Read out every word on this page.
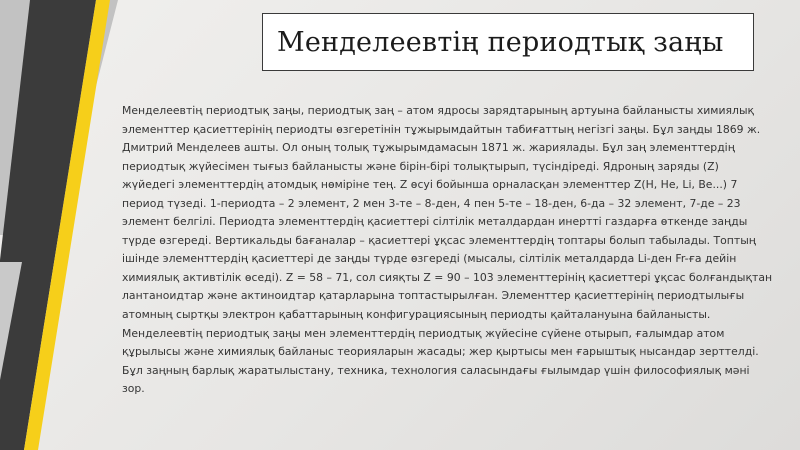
Менделеевтің периодтық заңы
Менделеевтің периодтық заңы, периодтық заң – атом ядросы зарядтарының артуына байланысты химиялық элементтер қасиеттерінің периодты өзгеретінін тұжырымдайтын табиғаттың негізгі заңы. Бұл заңды 1869 ж. Дмитрий Менделеев ашты. Ол оның толық тұжырымдамасын 1871 ж. жариялады. Бұл заң элементтердің периодтық жүйесімен тығыз байланысты және бірін-бірі толықтырып, түсіндіреді. Ядроның заряды (Z) жүйедегі элементтердің атомдық нөміріне тең. Z өсуі бойынша орналасқан элементтер Z(H, He, Li, Be...) 7 период түзеді. 1-периодта – 2 элемент, 2 мен 3-те – 8-ден, 4 пен 5-те – 18-ден, 6-да – 32 элемент, 7-де – 23 элемент белгілі. Периодта элементтердің қасиеттері сілтілік металдардан инертті газдарға өткенде заңды түрде өзгереді. Вертикальды бағаналар – қасиеттері ұқсас элементтердің топтары болып табылады. Топтың ішінде элементтердің қасиеттері де заңды түрде өзгереді (мысалы, сілтілік металдарда Li-ден Fr-ға дейін химиялық активтілік өседі). Z = 58 – 71, сол сияқты Z = 90 – 103 элементтерінің қасиеттері ұқсас болғандықтан лантаноидтар және актиноидтар қатарларына топтастырылған. Элементтер қасиеттерінің периодтылығы атомның сыртқы электрон қабаттарының конфигурациясының периодты қайталануына байланысты. Менделеевтің периодтық заңы мен элементтердің периодтық жүйесіне сүйене отырып, ғалымдар атом құрылысы және химиялық байланыс теорияларын жасады; жер қыртысы мен ғарыштық нысандар зерттелді. Бұл заңның барлық жаратылыстану, техника, технология саласындағы ғылымдар үшін философиялық мәні зор.
